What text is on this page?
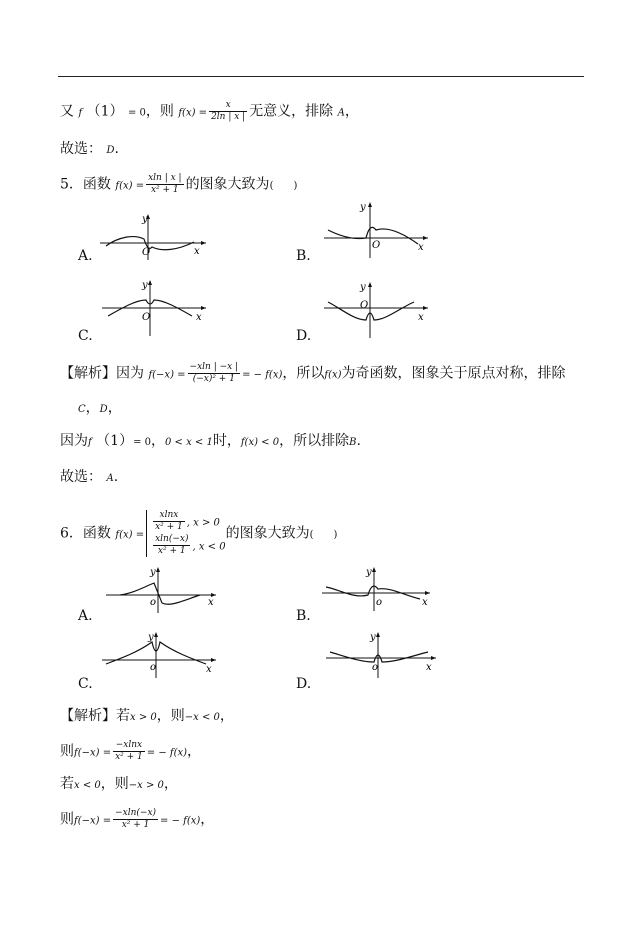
又 f （1） = 0，则 $f(x) = \frac{x}{2\ln | x |}$ 无意义，排除 A，
故选： D.
5．函数 $f(x) = \frac{xln | x |}{\text{x² + 1}}$ 的图象大致为(　　)
A.	O	x
y
B.
O	x
y
C.
O	x
y
D.
O
x
y
【解析】因为 $f(-x) = \frac{-xln | -x |}{\text{(−x)² + 1}}$ = − f(x)，所以f(x)为奇函数，图象关于原点对称，排除
C，D，
因为f （1）= 0，0 < x < 1时，f(x) < 0，所以排除B.
故选： A.
6．函数 f(x) =
$\frac{xlnx}{\text{x² + 1}}$ , x > 0
$\frac{xln(-x)}{\text{x² + 1}}$ , x < 0
的图象大致为(　　)
A.
o	x
y
B.
o	x
y
C.
o	x
y
D.
o	x
y
【解析】若x > 0，则−x < 0，
则$f(-x) = \frac{-xlnx}{\text{x² + 1}}$ = − f(x)，
若x < 0，则−x > 0，
则$f(-x) = \frac{-xln(-x)}{\text{x² + 1}}$ = − f(x)，
